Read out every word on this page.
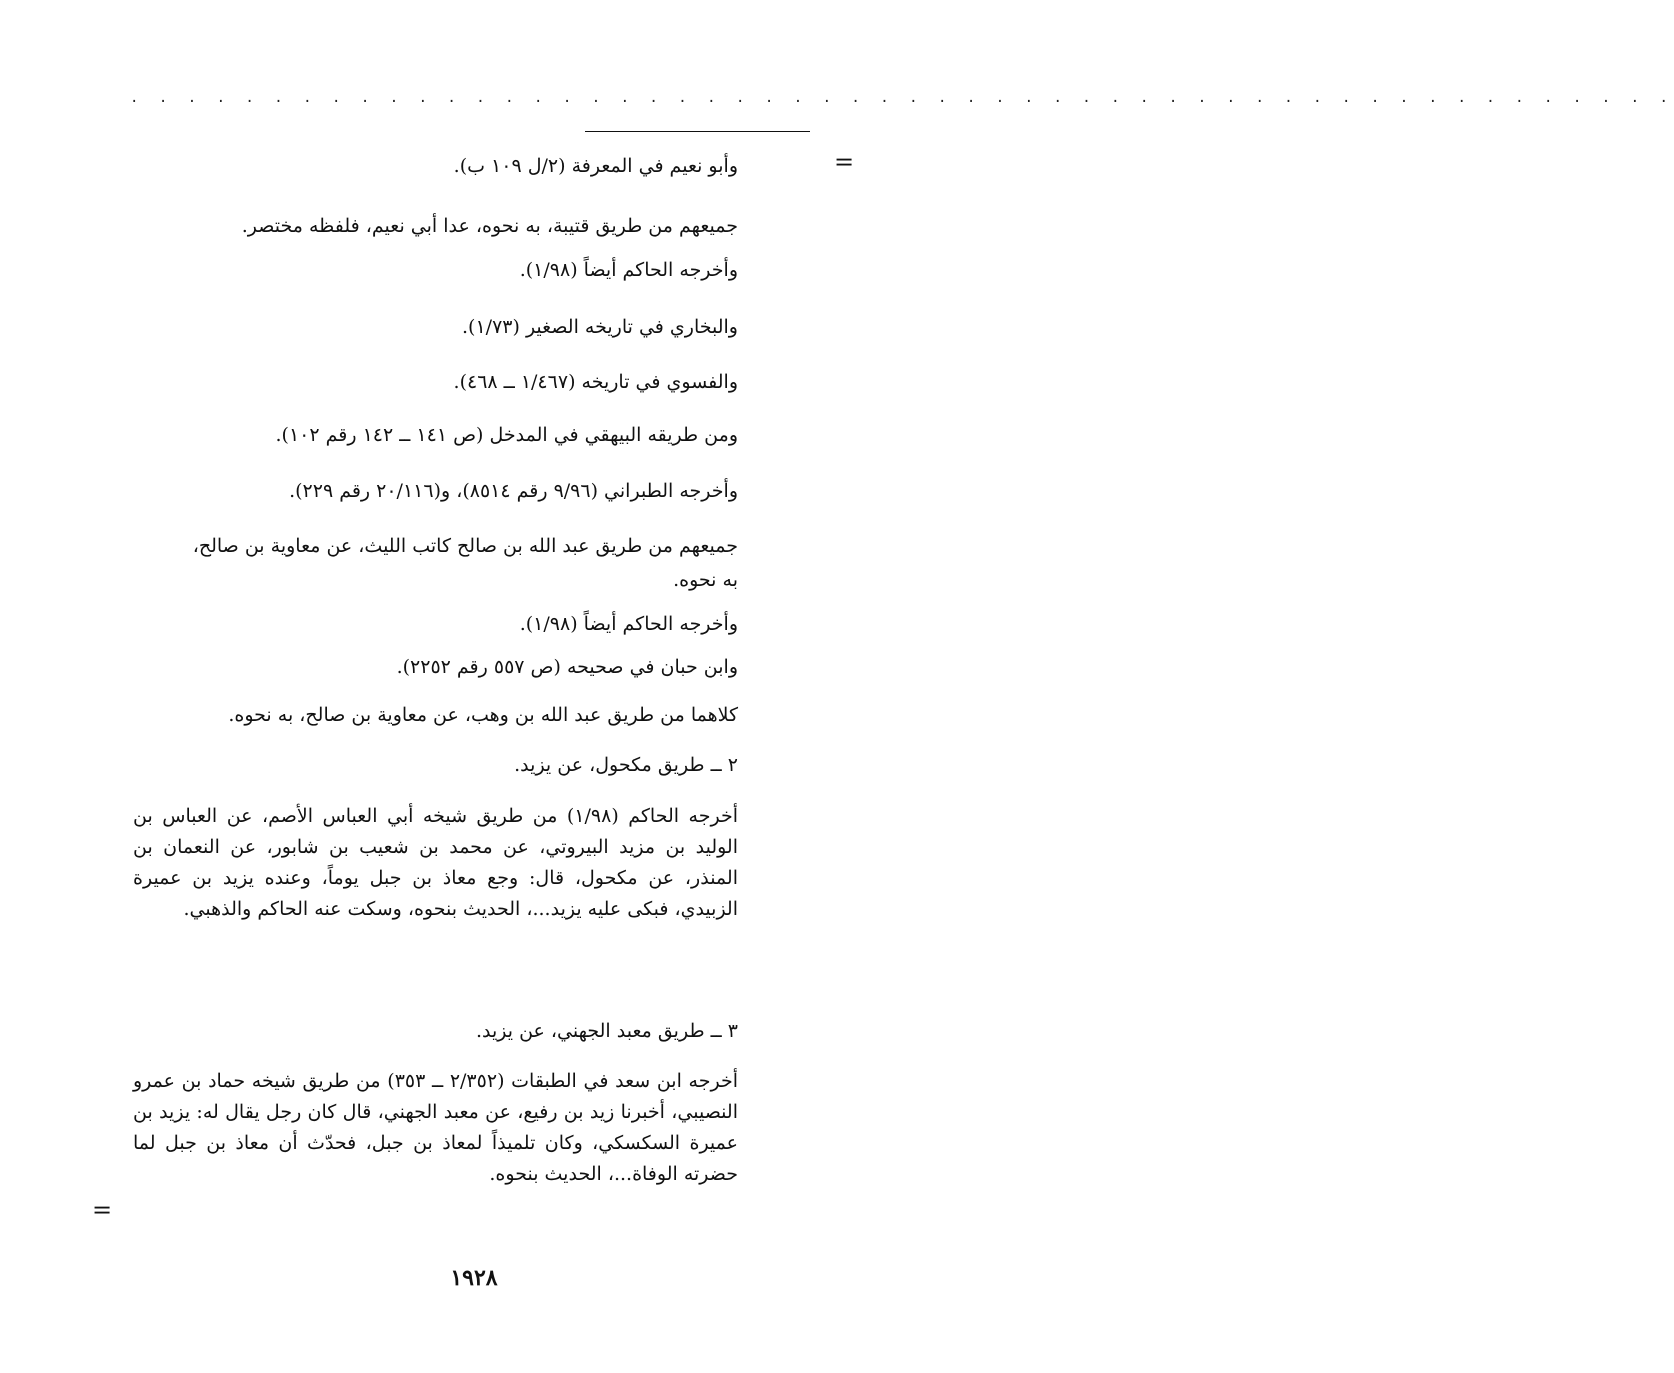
. . . . . . . . . . . . . . . . . . . . . . . . . . . . . . . . . . . . . . . . . . . . . . . . . . . . . .
=
=
وأبو نعيم في المعرفة (٢/ل ١٠٩ ب).
جميعهم من طريق قتيبة، به نحوه، عدا أبي نعيم، فلفظه مختصر.
وأخرجه الحاكم أيضاً (١/٩٨).
والبخاري في تاريخه الصغير (١/٧٣).
والفسوي في تاريخه (١/٤٦٧ ــ ٤٦٨).
ومن طريقه البيهقي في المدخل (ص ١٤١ ــ ١٤٢ رقم ١٠٢).
وأخرجه الطبراني (٩/٩٦ رقم ٨٥١٤)، و(٢٠/١١٦ رقم ٢٢٩).
جميعهم من طريق عبد الله بن صالح كاتب الليث، عن معاوية بن صالح،
به نحوه.
وأخرجه الحاكم أيضاً (١/٩٨).
وابن حبان في صحيحه (ص ٥٥٧ رقم ٢٢٥٢).
كلاهما من طريق عبد الله بن وهب، عن معاوية بن صالح، به نحوه.
٢ ــ طريق مكحول، عن يزيد.
أخرجه الحاكم (١/٩٨) من طريق شيخه أبي العباس الأصم، عن العباس بن الوليد بن مزيد البيروتي، عن محمد بن شعيب بن شابور، عن النعمان بن المنذر، عن مكحول، قال: وجع معاذ بن جبل يوماً، وعنده يزيد بن عميرة الزبيدي، فبكى عليه يزيد...، الحديث بنحوه، وسكت عنه الحاكم والذهبي.
٣ ــ طريق معبد الجهني، عن يزيد.
أخرجه ابن سعد في الطبقات (٢/٣٥٢ ــ ٣٥٣) من طريق شيخه حماد بن عمرو النصيبي، أخبرنا زيد بن رفيع، عن معبد الجهني، قال كان رجل يقال له: يزيد بن عميرة السكسكي، وكان تلميذاً لمعاذ بن جبل، فحدّث أن معاذ بن جبل لما حضرته الوفاة...، الحديث بنحوه.
١٩٢٨
